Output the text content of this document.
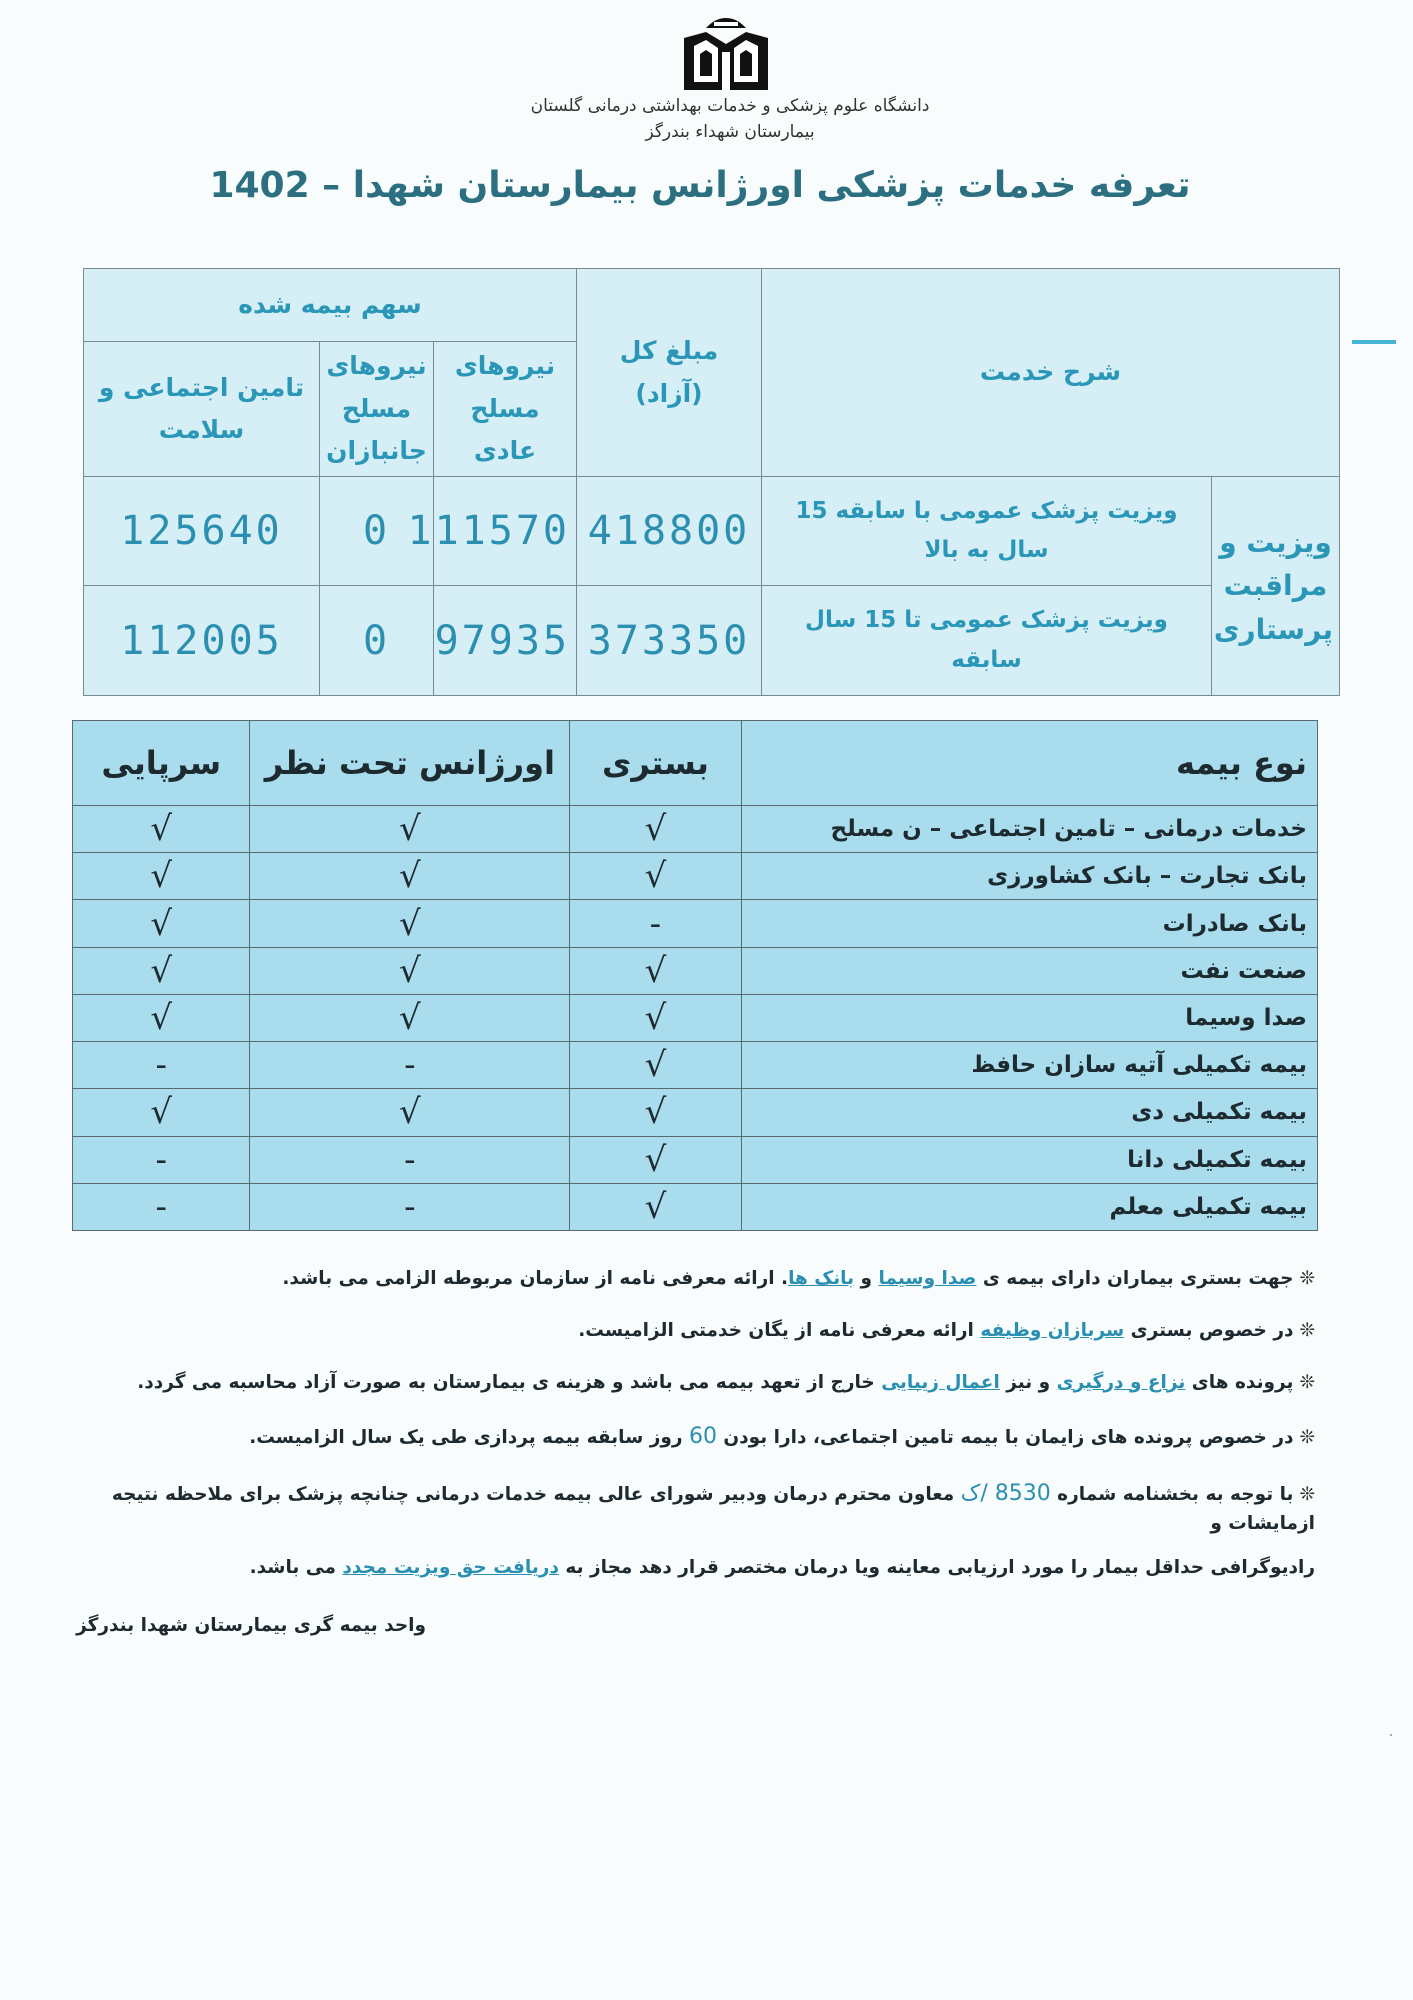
دانشگاه علوم پزشکی و خدمات بهداشتی درمانی گلستان
بیمارستان شهداء بندرگز
تعرفه خدمات پزشکی اورژانس بیمارستان شهدا – 1402
شرح خدمت		مبلغ کل (آزاد)	سهم بیمه شده		
			نیروهای مسلح عادی	نیروهای مسلح جانبازان	تامین اجتماعی و سلامت
ویزیت و مراقبت پرستاری	ویزیت پزشک عمومی با سابقه 15 سال به بالا	418800	111570	0	125640
	ویزیت پزشک عمومی تا 15 سال سابقه	373350	97935	0	112005
نوع بیمه	بستری	اورژانس تحت نظر	سرپایی
خدمات درمانی – تامین اجتماعی – ن مسلح	√	√	√
بانک تجارت – بانک کشاورزی	√	√	√
بانک صادرات	-	√	√
صنعت نفت	√	√	√
صدا وسیما	√	√	√
بیمه تکمیلی آتیه سازان حافظ	√	-	-
بیمه تکمیلی دی	√	√	√
بیمه تکمیلی دانا	√	-	-
بیمه تکمیلی معلم	√	-	-
❊جهت بستری بیماران دارای بیمه ی صدا وسیما و بانک ها. ارائه معرفی نامه از سازمان مربوطه الزامی می باشد.
❊در خصوص بستری سربازان وظیفه ارائه معرفی نامه از یگان خدمتی الزامیست.
❊پرونده های نزاع و درگیری و نیز اعمال زیبایی خارج از تعهد بیمه می باشد و هزینه ی بیمارستان به صورت آزاد محاسبه می گردد.
❊در خصوص پرونده های زایمان با بیمه تامین اجتماعی، دارا بودن 60 روز سابقه بیمه پردازی طی یک سال الزامیست.
❊با توجه به بخشنامه شماره 8530 /ک معاون محترم درمان ودبیر شورای عالی بیمه خدمات درمانی چنانچه پزشک برای ملاحظه نتیجه ازمایشات و
رادیوگرافی حداقل بیمار را مورد ارزیابی معاینه ویا درمان مختصر قرار دهد مجاز به دریافت حق ویزیت مجدد می باشد.
واحد بیمه گری بیمارستان شهدا بندرگز
